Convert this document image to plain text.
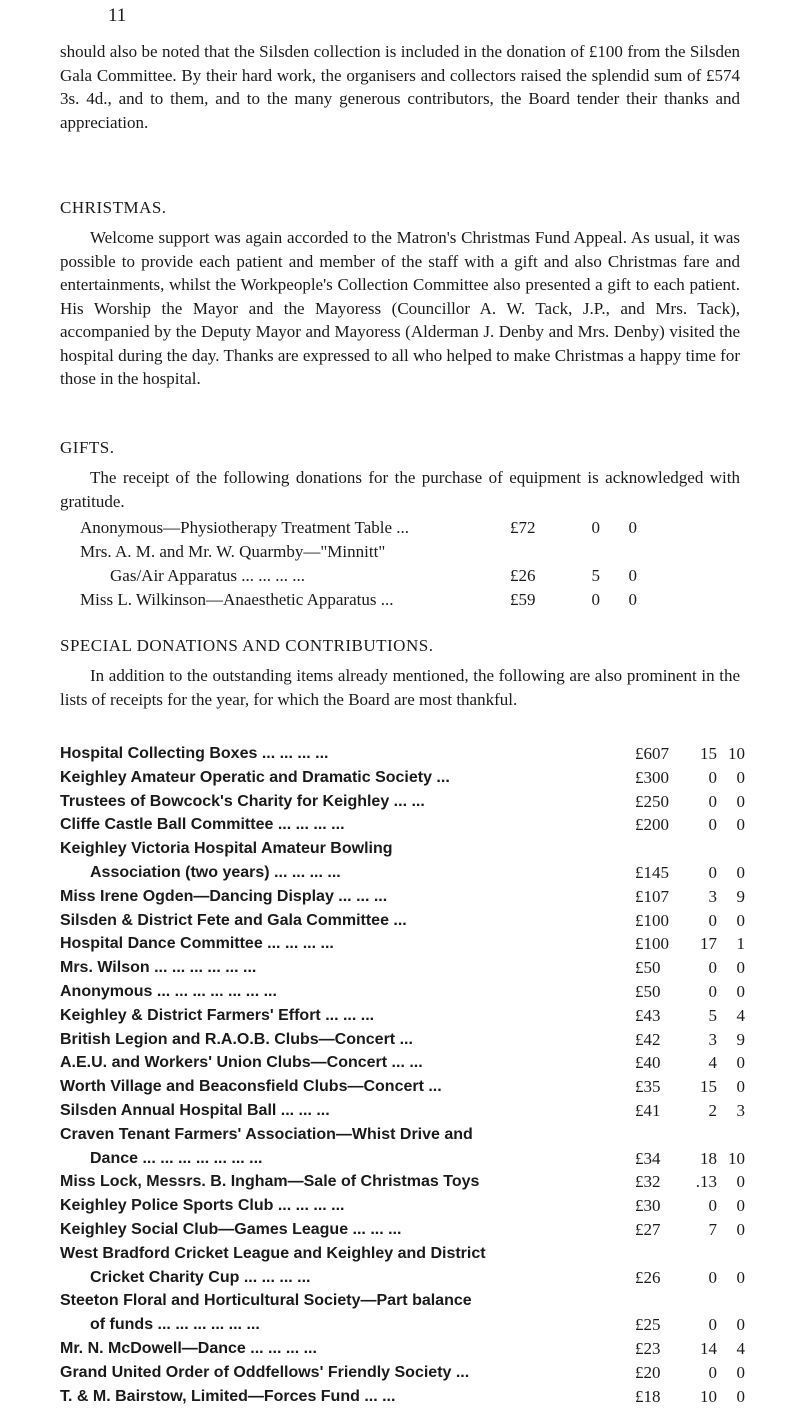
11

should also be noted that the Silsden collection is included in the donation of £100 from the Silsden Gala Committee. By their hard work, the organisers and collectors raised the splendid sum of £574 3s. 4d., and to them, and to the many generous contributors, the Board tender their thanks and appreciation.

CHRISTMAS.

Welcome support was again accorded to the Matron's Christmas Fund Appeal. As usual, it was possible to provide each patient and member of the staff with a gift and also Christmas fare and entertainments, whilst the Workpeople's Collection Committee also presented a gift to each patient. His Worship the Mayor and the Mayoress (Councillor A. W. Tack, J.P., and Mrs. Tack), accompanied by the Deputy Mayor and Mayoress (Alderman J. Denby and Mrs. Denby) visited the hospital during the day. Thanks are expressed to all who helped to make Christmas a happy time for those in the hospital.

GIFTS.

The receipt of the following donations for the purchase of equipment is acknowledged with gratitude.

Anonymous—Physiotherapy Treatment Table ...	£72	0	0
Mrs. A. M. and Mr. W. Quarmby—"Minnitt"
Gas/Air Apparatus ... ... ... ...	£26	5	0
Miss L. Wilkinson—Anaesthetic Apparatus ...	£59	0	0

SPECIAL DONATIONS AND CONTRIBUTIONS.

In addition to the outstanding items already mentioned, the following are also prominent in the lists of receipts for the year, for which the Board are most thankful.

Hospital Collecting Boxes ... ... ... ...	£607	15 10
Keighley Amateur Operatic and Dramatic Society ...	£300	0	0
Trustees of Bowcock's Charity for Keighley ... ...	£250	0	0
Cliffe Castle Ball Committee ... ... ... ...	£200	0	0
Keighley Victoria Hospital Amateur Bowling
Association (two years) ... ... ... ...	£145	0	0
Miss Irene Ogden—Dancing Display ... ... ...	£107	3	9
Silsden & District Fete and Gala Committee ...	£100	0	0
Hospital Dance Committee ... ... ... ...	£100	17	1
Mrs. Wilson ... ... ... ... ... ...	£50	0	0
Anonymous ... ... ... ... ... ... ...	£50	0	0
Keighley & District Farmers' Effort ... ... ...	£43	5	4
British Legion and R.A.O.B. Clubs—Concert ...	£42	3	9
A.E.U. and Workers' Union Clubs—Concert ... ...	£40	4	0
Worth Village and Beaconsfield Clubs—Concert ...	£35	15	0
Silsden Annual Hospital Ball ... ... ...	£41	2	3
Craven Tenant Farmers' Association—Whist Drive and
Dance ... ... ... ... ... ... ...	£34	18 10
Miss Lock, Messrs. B. Ingham—Sale of Christmas Toys	£32	.13	0
Keighley Police Sports Club ... ... ... ...	£30	0	0
Keighley Social Club—Games League ... ... ...	£27	7	0
West Bradford Cricket League and Keighley and District
Cricket Charity Cup ... ... ... ...	£26	0	0
Steeton Floral and Horticultural Society—Part balance
of funds ... ... ... ... ... ...	£25	0	0
Mr. N. McDowell—Dance ... ... ... ...	£23	14	4
Grand United Order of Oddfellows' Friendly Society ...	£20	0	0
T. & M. Bairstow, Limited—Forces Fund ... ...	£18	10	0
